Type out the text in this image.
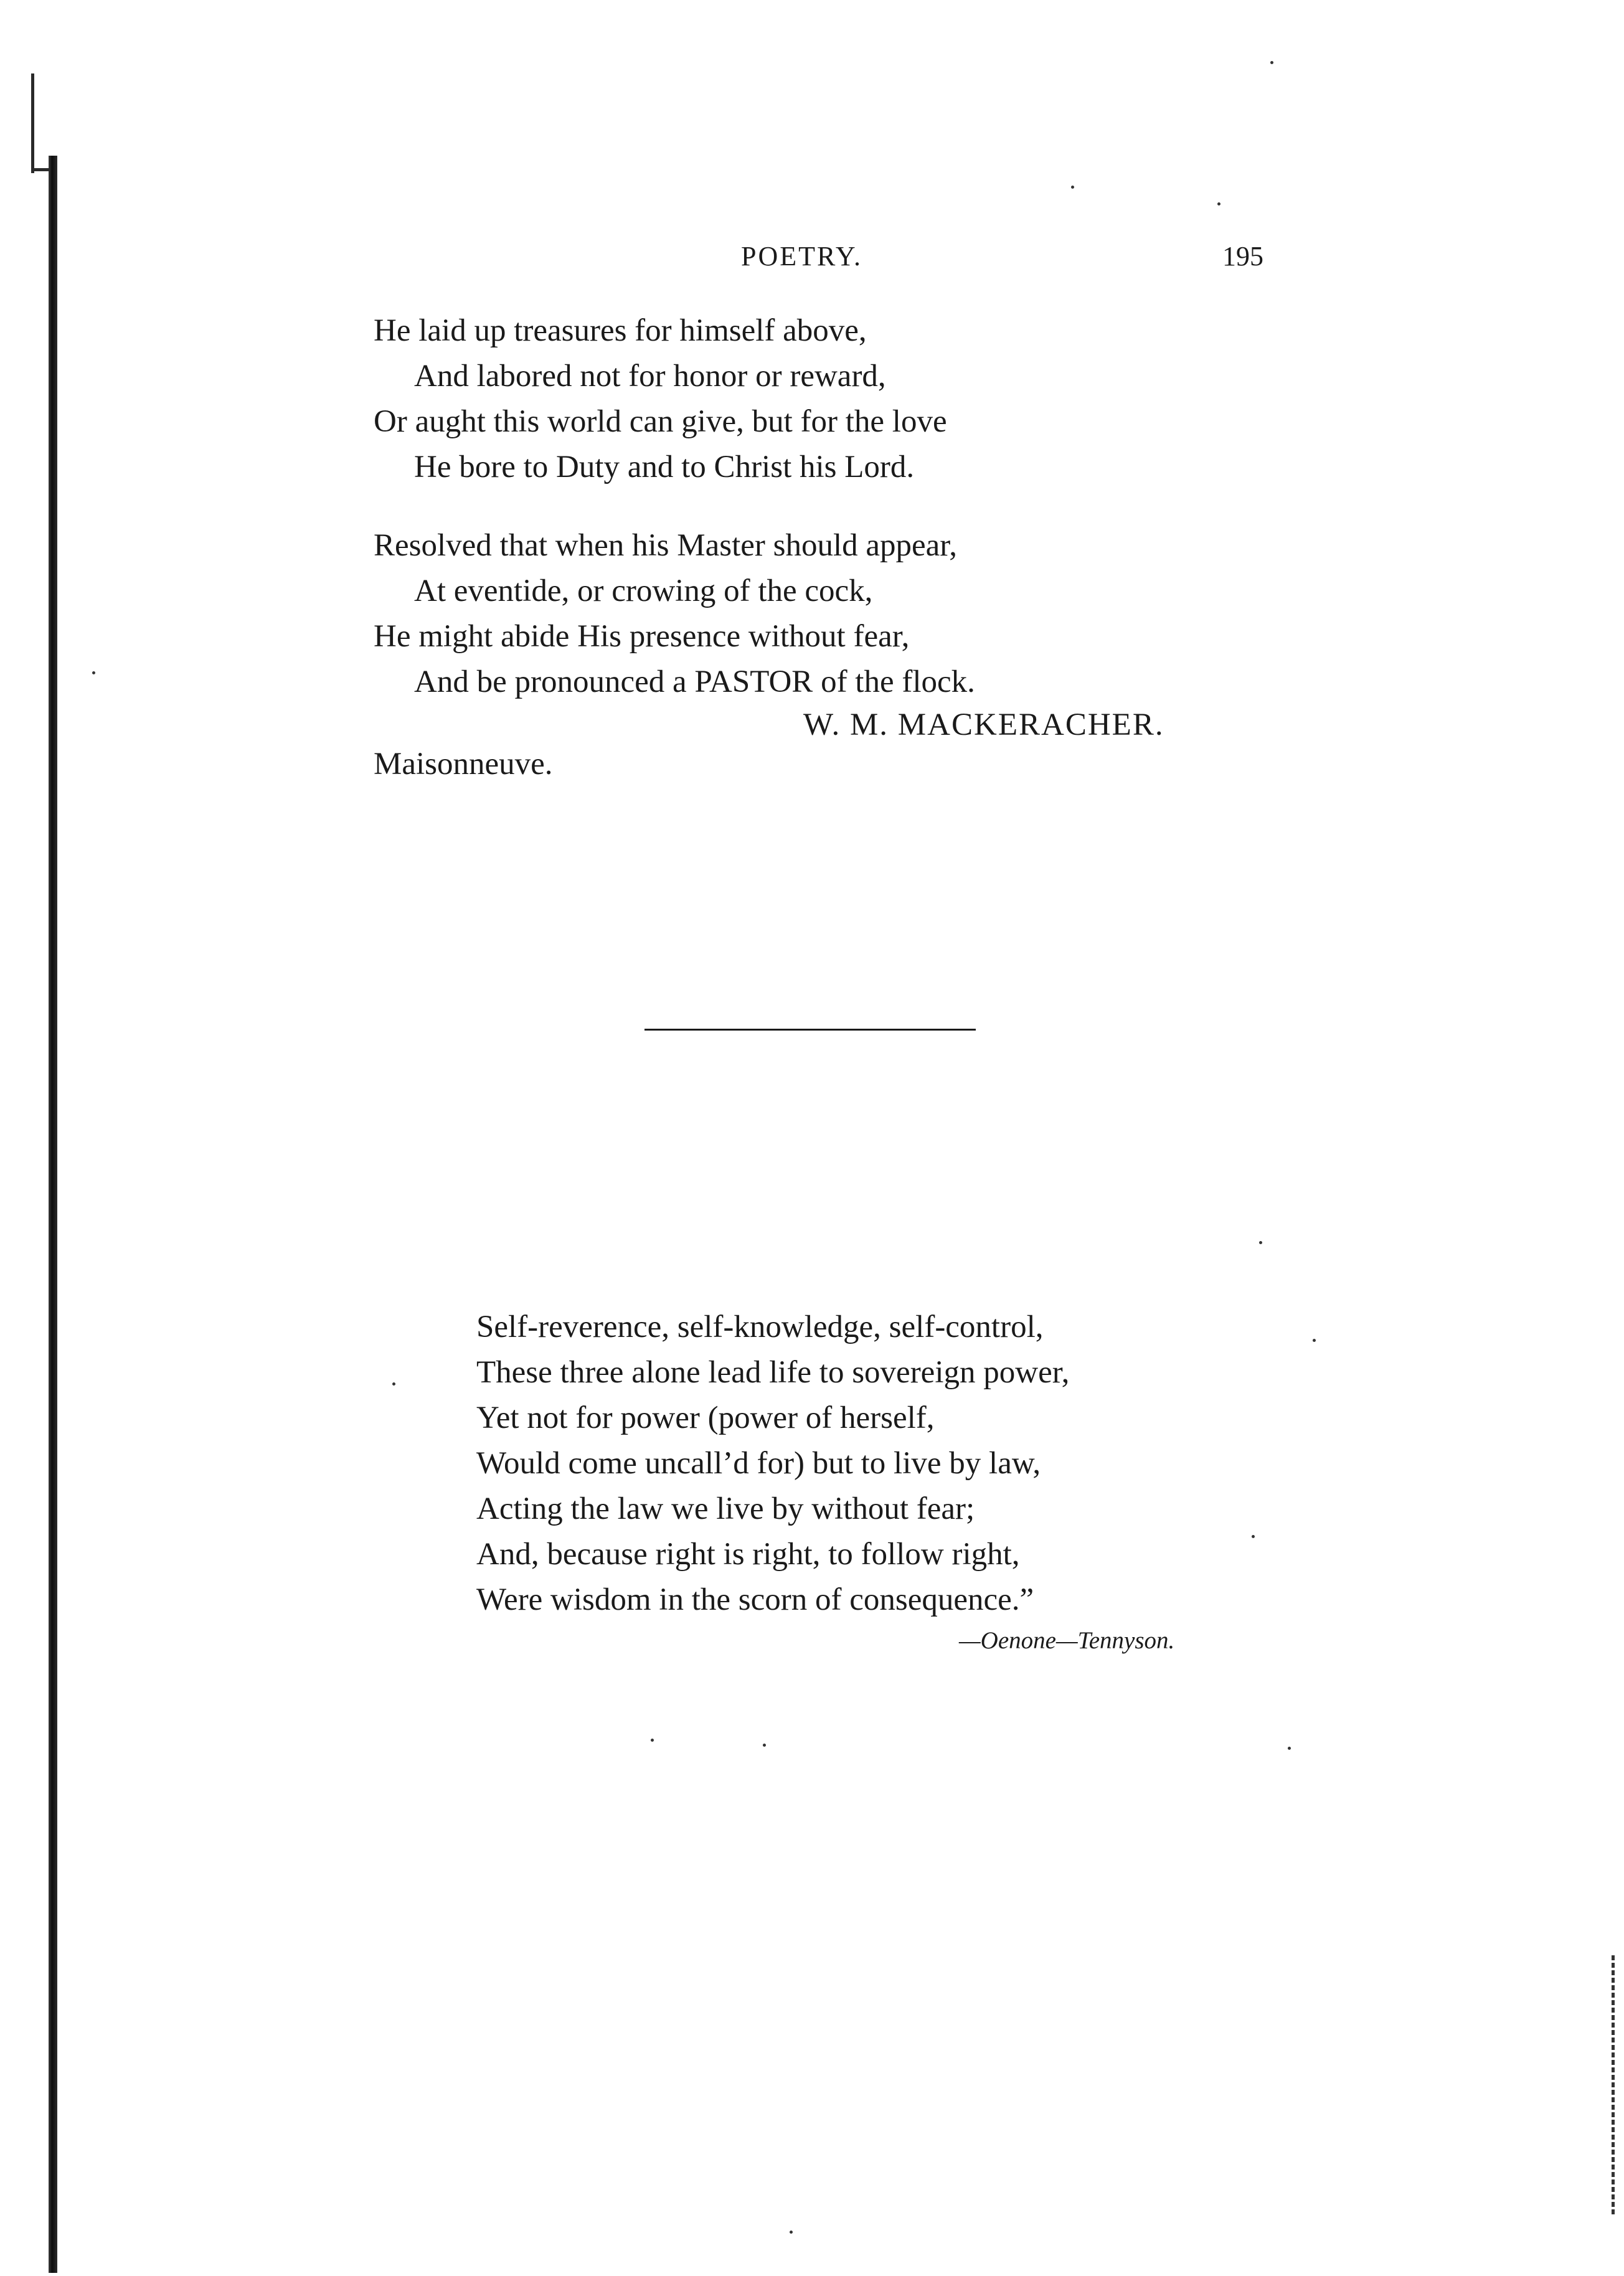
POETRY.	195
He laid up treasures for himself above,
And labored not for honor or reward,
Or aught this world can give, but for the love
He bore to Duty and to Christ his Lord.
Resolved that when his Master should appear,
At eventide, or crowing of the cock,
He might abide His presence without fear,
And be pronounced a PASTOR of the flock.
W. M. MACKERACHER.
Maisonneuve.
Self-reverence, self-knowledge, self-control,
These three alone lead life to sovereign power,
Yet not for power (power of herself,
Would come uncall’d for) but to live by law,
Acting the law we live by without fear;
And, because right is right, to follow right,
Were wisdom in the scorn of consequence.”
—Oenone—Tennyson.
